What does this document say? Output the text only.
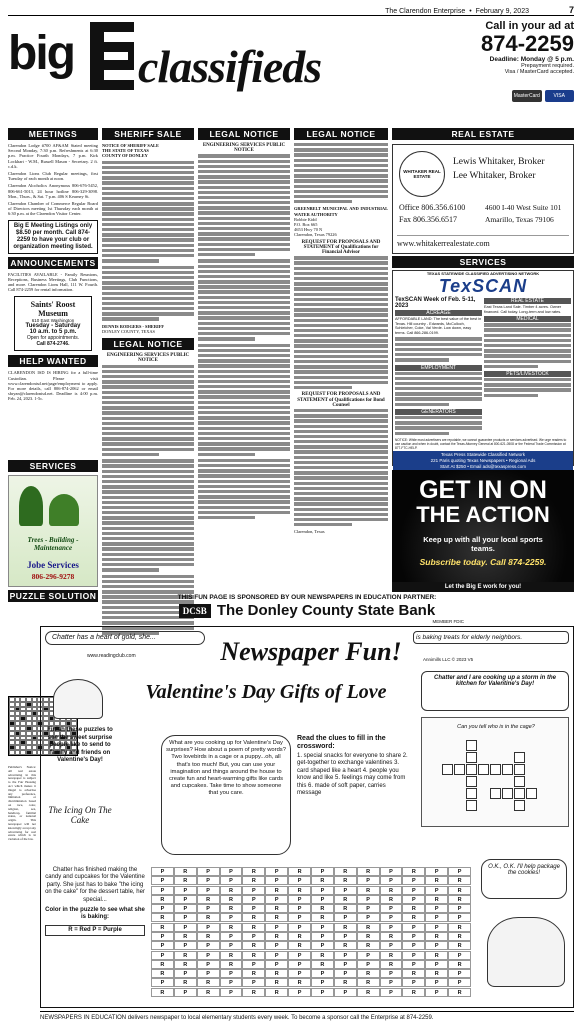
The Clarendon Enterprise • February 9, 2023	7
big classifieds
Call in your ad at
874-2259
Deadline: Monday @ 5 p.m.
Prepayment required.
Visa / MasterCard accepted.
MasterCard	VISA
MEETINGS

Clarendon Lodge #700 AF&AM Stated meeting Second Monday, 7:30 p.m. Refreshments at 6:30 p.m. Practice Fourth Mondays, 7 p.m. Kirk Lockhart - W.M., Russell Mason - Secretary. 2 ft. c.d.k.

Clarendon Lions Club Regular meetings, first Tuesday of each month at noon.

Clarendon Alcoholics Anonymous 806-676-5452, 806-661-5013, 24 hour hotline 806-329-3098. Mon., Thurs., & Sat. 7 p.m. 406 S Kearney St.

Clarendon Chamber of Commerce Regular Board of Directors meeting 1st Thursday each month at 6:30 p.m. at the Clarendon Visitor Center.

Big E Meeting Listings only $8.50 per month. Call 874-2259 to have your club or organization meeting listed.
ANNOUNCEMENTS
FACILITIES AVAILABLE - Family Reunions, Receptions, Business Meetings, Club Functions, and more. Clarendon Lions Hall, 111 W. Fourth. Call 874-2259 for rental information.
Saints' Roost Museum
610 East Washington
Tuesday - Saturday
10 a.m. to 5 p.m.
Open for appointments.
Call 874-2746.
HELP WANTED
CLARENDON ISD IS HIRING for a full-time Custodian. Please visit www.clarendonisd.net/page/employment to apply. For more details, call 806-874-2062 or email sbryan@clarendonisd.net. Deadline is 4:00 p.m. Feb. 24, 2023. 1-5c.
SERVICES
Trees - Building - Maintenance
Jobe Services
806-296-9278
PUZZLE SOLUTION
Publisher's Notice: All real estate advertising in this newspaper is subject to the Fair Housing Act which makes it illegal to advertise any preference, limitation or discrimination based on race, color, religion, sex, handicap, familial status, or national origin. This newspaper will not knowingly accept any advertising for real estate which is in violation of the law.
SHERIFF SALE
NOTICE OF SHERIFF SALE
THE STATE OF TEXAS
COUNTY OF DONLEY
DENNIS RODGERS - SHERIFF
DONLEY COUNTY, TEXAS
LEGAL NOTICE
ENGINEERING SERVICES PUBLIC NOTICE
LEGAL NOTICE
ENGINEERING SERVICES PUBLIC NOTICE
LEGAL NOTICE
GREENBELT MUNICIPAL AND INDUSTRIAL WATER AUTHORITY
Bobbie Kidd
P.O. Box 665
4653 Hwy 70 N
Clarendon, Texas 79226
REQUEST FOR PROPOSALS AND STATEMENT of Qualifications for Financial Advisor
REQUEST FOR PROPOSALS AND STATEMENT of Qualifications for Bond Counsel
Clarendon, Texas
REAL ESTATE
WHITAKER REAL ESTATE
Lewis Whitaker, Broker
Lee Whitaker, Broker
Office 806.356.6100
Fax 806.356.6517
4600 I-40 West Suite 101
Amarillo, Texas 79106
www.whitakerrealestate.com
SERVICES
TEXAS STATEWIDE CLASSIFIED ADVERTISING NETWORK
TexSCAN
TexSCAN Week of Feb. 5-11, 2023
ACREAGE
AFFORDABLE LAND: The best value of the best in Texas. Hill country - Edwards, McCulloch, Schleicher, Coke, Val Verde. Low down, easy terms. Call 866-286-0199.
EMPLOYMENT
GENERATORS
REAL ESTATE
East Texas Land Sale. Timber 4 acres. Owner financed. Call today. Long-term and low rates.
MEDICAL
PETS/LIVESTOCK
NOTICE: While most advertisers are reputable, we cannot guarantee products or services advertised. We urge readers to use caution and when in doubt, contact the Texas Attorney General at 800-621-0508 or the Federal Trade Commission at 877-FTC-HELP.
Texas Press Statewide Classified Network
221 Paris quoting Texas Newspapers • Regional Ads
Start At $250 • Email ads@texaspress.com
GET IN ON
THE ACTION
Keep up with all your local sports
teams.
Subscribe today. Call 874-2259.
Let the Big E work for you!
THIS FUN PAGE IS SPONSORED BY OUR NEWSPAPERS IN EDUCATION PARTNER:
DCSB The Donley County State Bank
MEMBER FDIC
Chatter has a heart of gold, she...	Newspaper Fun!
www.readingclub.com
is baking treats for elderly neighbors.
Annimills LLC © 2023 V5
Finish these puzzles to see the sweet surprise people like to send to family and friends on Valentine's Day!
The Icing On The Cake
Valentine's Day Gifts of Love
Chatter and I are cooking up a storm in the kitchen for Valentine's Day!
Can you tell who is in the cage?
What are you cooking up for Valentine's Day surprises? How about a poem of pretty words? Two lovebirds in a cage or a puppy...oh, all that's too much! But, you can use your imagination and things around the house to create fun and heart-warming gifts like cards and cupcakes. Take time to show someone that you care.
Read the clues to fill in the crossword:
1. special snacks for everyone to share 2. get-together to exchange valentines 3. card shaped like a heart 4. people you know and like 5. feelings may come from this 6. made of soft paper, carries message
Chatter has finished making the candy and cupcakes for the Valentine party. She just has to bake "the icing on the cake" for the dessert table, her special...
Color in the puzzle to see what she is baking:
R = Red P = Purple
P	R	P	P	R	P	R	P	R	R	P	R	P	P
P	R	P	P	R	P	P	R	R	P	P	P	R	R
P	P	P	R	P	R	R	P	P	R	R	P	P	R
R	P	R	R	P	P	P	P	R	P	R	P	R	R
P	P	P	R	P	R	P	R	R	P	P	R	P	P
R	P	R	P	R	R	P	R	P	P	P	R	P	P
R	P	P	R	R	P	P	P	R	R	P	P	P	R
P	R	R	P	P	R	R	P	P	R	R	P	R	R
P	P	P	P	R	P	R	P	R	R	P	P	P	R
P	R	P	R	R	P	P	R	P	P	R	P	R	P
R	R	P	R	P	P	P	R	P	P	R	P	P	R
R	P	P	P	R	R	P	P	P	R	P	R	R	P
P	R	R	P	P	R	R	P	R	R	P	P	P	P
R	P	R	P	R	R	P	P	P	R	P	R	P	R
O.K., O.K. I'll help package the cookies!
NEWSPAPERS IN EDUCATION delivers newspaper to local elementary students every week. To become a sponsor call the Enterprise at 874-2259.
